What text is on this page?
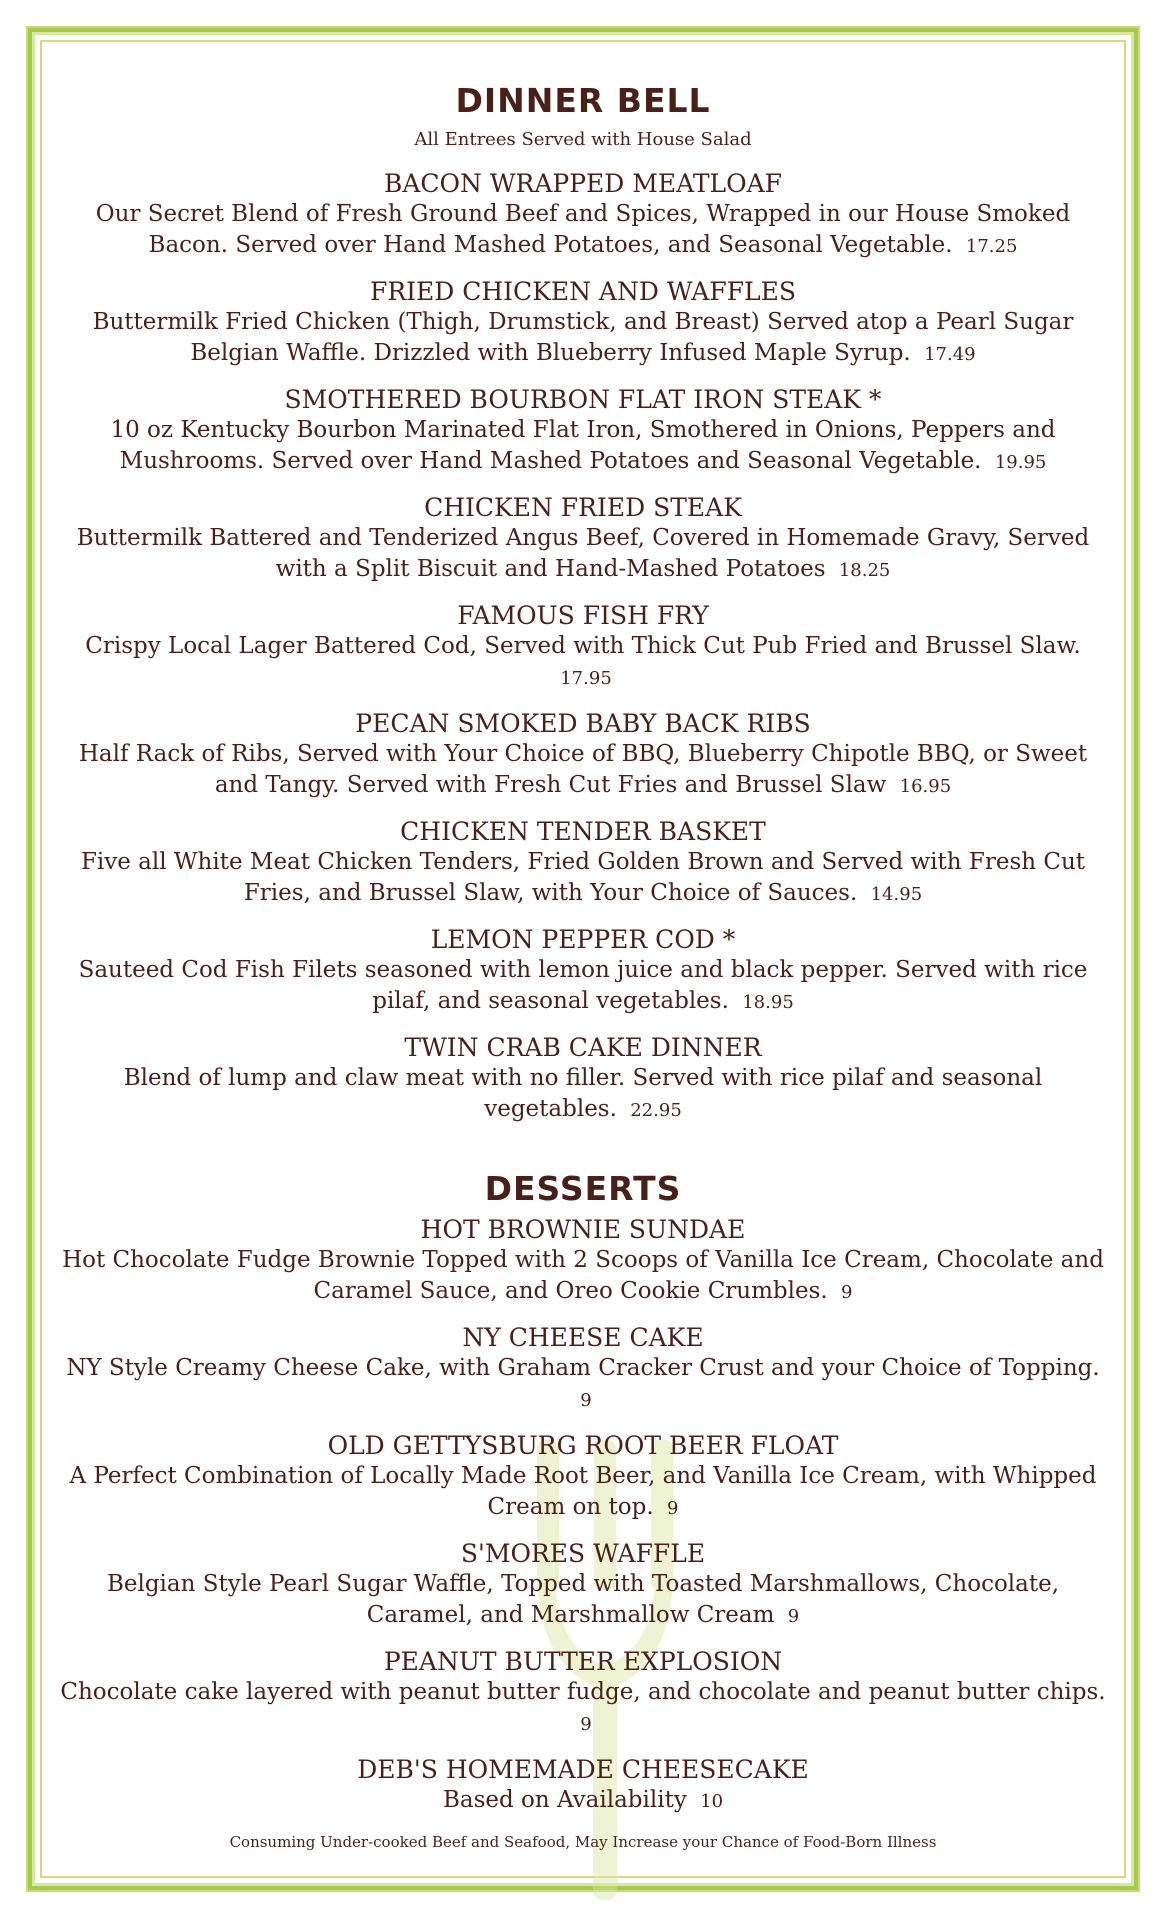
DINNER BELL
All Entrees Served with House Salad
BACON WRAPPED MEATLOAF
Our Secret Blend of Fresh Ground Beef and Spices, Wrapped in our House Smoked Bacon. Served over Hand Mashed Potatoes, and Seasonal Vegetable. 17.25
FRIED CHICKEN AND WAFFLES
Buttermilk Fried Chicken (Thigh, Drumstick, and Breast) Served atop a Pearl Sugar Belgian Waffle. Drizzled with Blueberry Infused Maple Syrup. 17.49
SMOTHERED BOURBON FLAT IRON STEAK *
10 oz Kentucky Bourbon Marinated Flat Iron, Smothered in Onions, Peppers and Mushrooms. Served over Hand Mashed Potatoes and Seasonal Vegetable. 19.95
CHICKEN FRIED STEAK
Buttermilk Battered and Tenderized Angus Beef, Covered in Homemade Gravy, Served with a Split Biscuit and Hand-Mashed Potatoes 18.25
FAMOUS FISH FRY
Crispy Local Lager Battered Cod, Served with Thick Cut Pub Fried and Brussel Slaw. 17.95
PECAN SMOKED BABY BACK RIBS
Half Rack of Ribs, Served with Your Choice of BBQ, Blueberry Chipotle BBQ, or Sweet and Tangy. Served with Fresh Cut Fries and Brussel Slaw 16.95
CHICKEN TENDER BASKET
Five all White Meat Chicken Tenders, Fried Golden Brown and Served with Fresh Cut Fries, and Brussel Slaw, with Your Choice of Sauces. 14.95
LEMON PEPPER COD *
Sauteed Cod Fish Filets seasoned with lemon juice and black pepper. Served with rice pilaf, and seasonal vegetables. 18.95
TWIN CRAB CAKE DINNER
Blend of lump and claw meat with no filler. Served with rice pilaf and seasonal vegetables. 22.95
DESSERTS
HOT BROWNIE SUNDAE
Hot Chocolate Fudge Brownie Topped with 2 Scoops of Vanilla Ice Cream, Chocolate and Caramel Sauce, and Oreo Cookie Crumbles. 9
NY CHEESE CAKE
NY Style Creamy Cheese Cake, with Graham Cracker Crust and your Choice of Topping. 9
OLD GETTYSBURG ROOT BEER FLOAT
A Perfect Combination of Locally Made Root Beer, and Vanilla Ice Cream, with Whipped Cream on top. 9
S'MORES WAFFLE
Belgian Style Pearl Sugar Waffle, Topped with Toasted Marshmallows, Chocolate, Caramel, and Marshmallow Cream 9
PEANUT BUTTER EXPLOSION
Chocolate cake layered with peanut butter fudge, and chocolate and peanut butter chips. 9
DEB'S HOMEMADE CHEESECAKE
Based on Availability 10
Consuming Under-cooked Beef and Seafood, May Increase your Chance of Food-Born Illness
